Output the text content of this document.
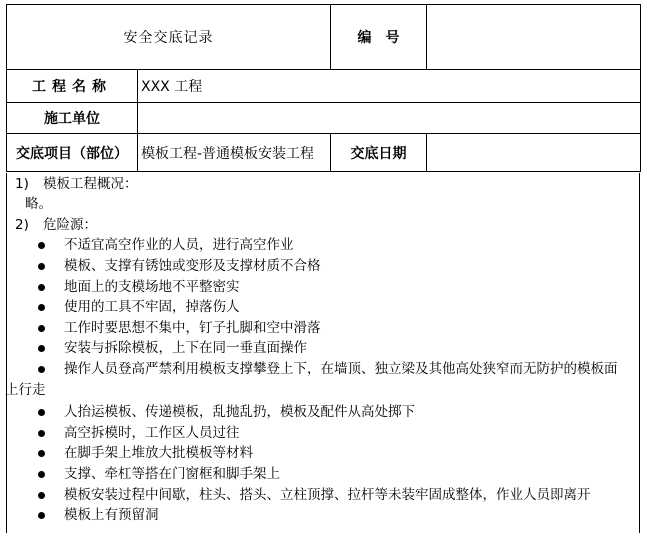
安全交底记录		编　号	
工程名称	XXX 工程		
施工单位			
交底项目（部位）	模板工程-普通模板安装工程	交底日期	
1) 模板工程概况：
略。
2) 危险源：
不适宜高空作业的人员，进行高空作业
模板、支撑有锈蚀或变形及支撑材质不合格
地面上的支模场地不平整密实
使用的工具不牢固，掉落伤人
工作时要思想不集中，钉子扎脚和空中滑落
安装与拆除模板，上下在同一垂直面操作
操作人员登高严禁利用模板支撑攀登上下，在墙顶、独立梁及其他高处狭窄而无防护的模板面
上行走
人抬运模板、传递模板，乱抛乱扔，模板及配件从高处掷下
高空拆模时，工作区人员过往
在脚手架上堆放大批模板等材料
支撑、牵杠等搭在门窗框和脚手架上
模板安装过程中间歇，柱头、搭头、立柱顶撑、拉杆等未装牢固成整体，作业人员即离开
模板上有预留洞
